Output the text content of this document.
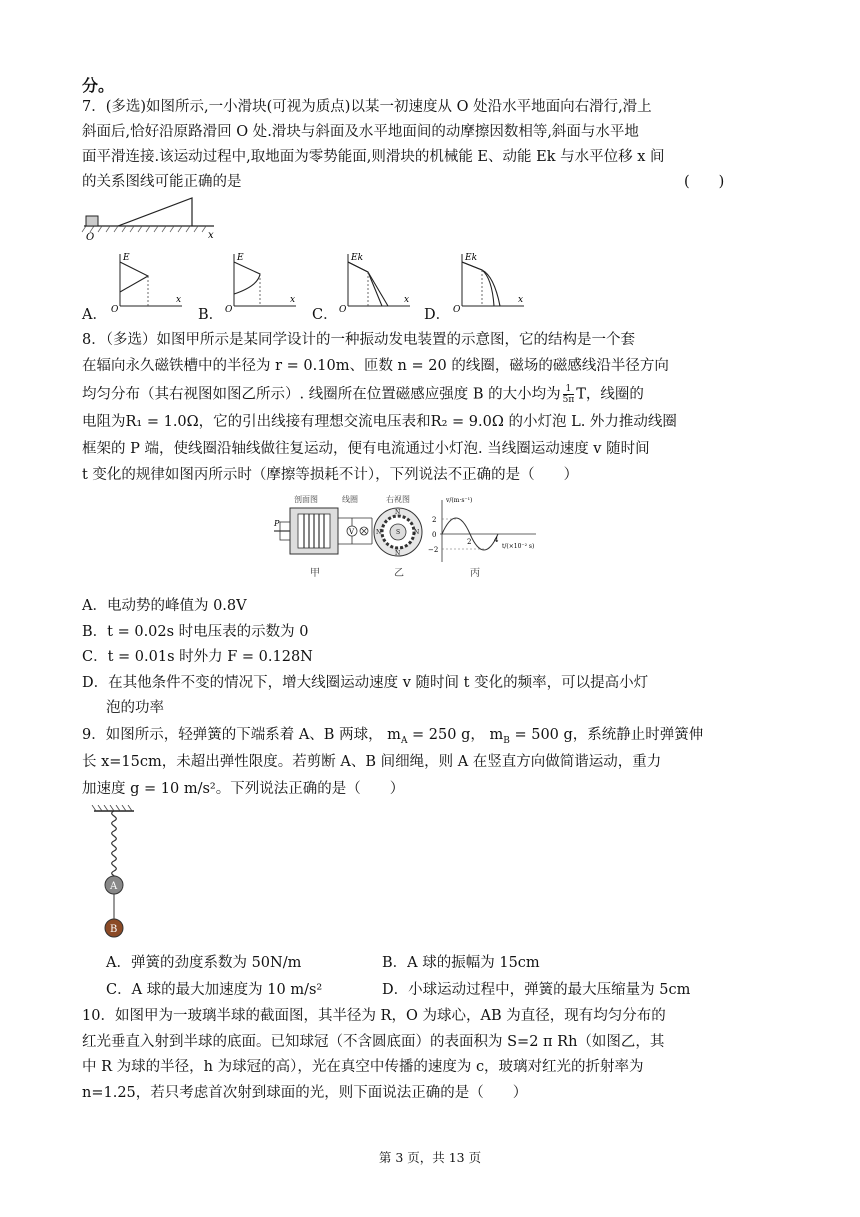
分。
7．(多选)如图所示,一小滑块(可视为质点)以某一初速度从 O 处沿水平地面向右滑行,滑上
斜面后,恰好沿原路滑回 O 处.滑块与斜面及水平地面间的动摩擦因数相等,斜面与水平地
面平滑连接.该运动过程中,取地面为零势能面,则滑块的机械能 E、动能 Ek 与水平位移 x 间
的关系图线可能正确的是	(　　)
O	x
A．
E
O
x
B．
E
O
x
C．
Ek
O
x
D．
Ek
O
x
8．（多选）如图甲所示是某同学设计的一种振动发电装置的示意图，它的结构是一个套
在辐向永久磁铁槽中的半径为 r = 0.10m、匝数 n = 20 的线圈，磁场的磁感线沿半径方向
均匀分布（其右视图如图乙所示）. 线圈所在位置磁感应强度 B 的大小均为 $\frac{1}{5\pi}$ T，线圈的
电阻为R₁ = 1.0Ω，它的引出线接有理想交流电压表和R₂ = 9.0Ω 的小灯泡 L. 外力推动线圈
框架的 P 端，使线圈沿轴线做往复运动，便有电流通过小灯泡. 当线圈运动速度 v 随时间
t 变化的规律如图丙所示时（摩擦等损耗不计），下列说法不正确的是（　　）
剖面图	线圈
P
V
甲
右视图
N
N
N	N
S
乙
v/(m·s⁻¹)
t/(×10⁻² s)
2
0
−2
2	4
丙
A．电动势的峰值为 0.8V
B．t = 0.02s 时电压表的示数为 0
C．t = 0.01s 时外力 F = 0.128N
D．在其他条件不变的情况下，增大线圈运动速度 v 随时间 t 变化的频率，可以提高小灯
泡的功率
9．如图所示，轻弹簧的下端系着 A、B 两球， $m_A = 250$ g， $m_B = 500$ g，系统静止时弹簧伸
长 x=15cm，未超出弹性限度。若剪断 A、B 间细绳，则 A 在竖直方向做简谐运动，重力
加速度 g = 10 m/s²。下列说法正确的是（　　）
A
B
A．弹簧的劲度系数为 50N/m	B．A 球的振幅为 15cm
C．A 球的最大加速度为 10 m/s²	D．小球运动过程中，弹簧的最大压缩量为 5cm
10．如图甲为一玻璃半球的截面图，其半径为 R，O 为球心，AB 为直径，现有均匀分布的
红光垂直入射到半球的底面。已知球冠（不含圆底面）的表面积为 S=2 π Rh（如图乙，其
中 R 为球的半径，h 为球冠的高），光在真空中传播的速度为 c，玻璃对红光的折射率为
n=1.25，若只考虑首次射到球面的光，则下面说法正确的是（　　）
第 3 页，共 13 页
